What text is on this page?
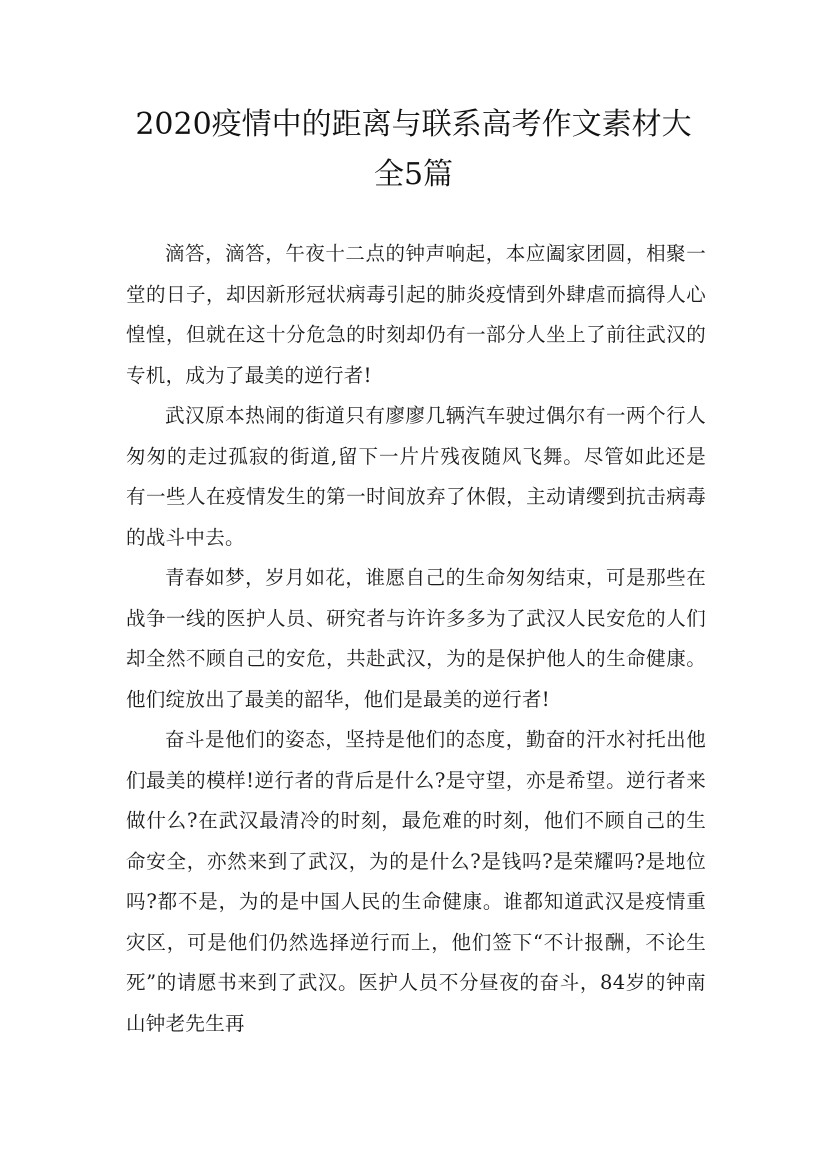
2020疫情中的距离与联系高考作文素材大
全5篇

滴答，滴答，午夜十二点的钟声响起，本应阖家团圆，相聚一堂的日子，却因新形冠状病毒引起的肺炎疫情到外肆虐而搞得人心惶惶，但就在这十分危急的时刻却仍有一部分人坐上了前往武汉的专机，成为了最美的逆行者!

武汉原本热闹的街道只有廖廖几辆汽车驶过偶尔有一两个行人匆匆的走过孤寂的街道,留下一片片残夜随风飞舞。尽管如此还是有一些人在疫情发生的第一时间放弃了休假，主动请缨到抗击病毒的战斗中去。

青春如梦，岁月如花，谁愿自己的生命匆匆结束，可是那些在战争一线的医护人员、研究者与许许多多为了武汉人民安危的人们却全然不顾自己的安危，共赴武汉，为的是保护他人的生命健康。他们绽放出了最美的韶华，他们是最美的逆行者!

奋斗是他们的姿态，坚持是他们的态度，勤奋的汗水衬托出他们最美的模样!逆行者的背后是什么?是守望，亦是希望。逆行者来做什么?在武汉最清冷的时刻，最危难的时刻，他们不顾自己的生命安全，亦然来到了武汉，为的是什么?是钱吗?是荣耀吗?是地位吗?都不是，为的是中国人民的生命健康。谁都知道武汉是疫情重灾区，可是他们仍然选择逆行而上，他们签下“不计报酬，不论生死”的请愿书来到了武汉。医护人员不分昼夜的奋斗，84岁的钟南山钟老先生再
